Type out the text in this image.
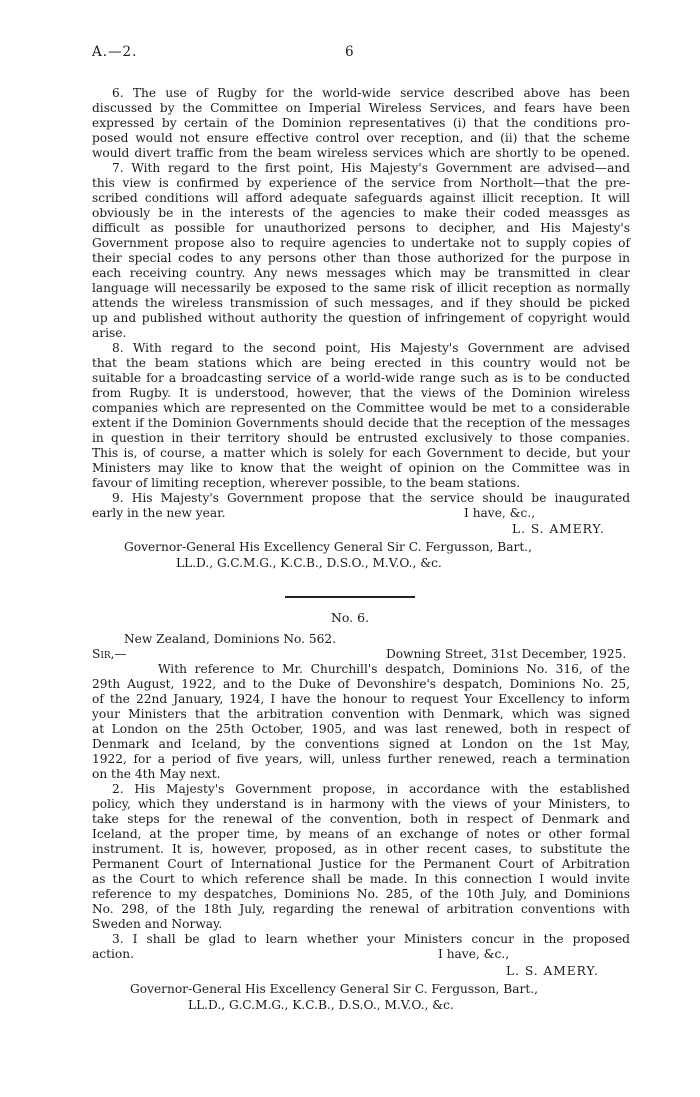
A.—2.	6
6. The use of Rugby for the world-wide service described above has been
discussed by the Committee on Imperial Wireless Services, and fears have been
expressed by certain of the Dominion representatives (i) that the conditions pro-
posed would not ensure effective control over reception, and (ii) that the scheme
would divert traffic from the beam wireless services which are shortly to be opened.
7. With regard to the first point, His Majesty's Government are advised—and
this view is confirmed by experience of the service from Northolt—that the pre-
scribed conditions will afford adequate safeguards against illicit reception. It will
obviously be in the interests of the agencies to make their coded meassges as
difficult as possible for unauthorized persons to decipher, and His Majesty's
Government propose also to require agencies to undertake not to supply copies of
their special codes to any persons other than those authorized for the purpose in
each receiving country. Any news messages which may be transmitted in clear
language will necessarily be exposed to the same risk of illicit reception as normally
attends the wireless transmission of such messages, and if they should be picked
up and published without authority the question of infringement of copyright would
arise.
8. With regard to the second point, His Majesty's Government are advised
that the beam stations which are being erected in this country would not be
suitable for a broadcasting service of a world-wide range such as is to be conducted
from Rugby. It is understood, however, that the views of the Dominion wireless
companies which are represented on the Committee would be met to a considerable
extent if the Dominion Governments should decide that the reception of the messages
in question in their territory should be entrusted exclusively to those companies.
This is, of course, a matter which is solely for each Government to decide, but your
Ministers may like to know that the weight of opinion on the Committee was in
favour of limiting reception, wherever possible, to the beam stations.
9. His Majesty's Government propose that the service should be inaugurated
early in the new year.	I have, &c.,
L. S. AMERY.
Governor-General His Excellency General Sir C. Fergusson, Bart.,
LL.D., G.C.M.G., K.C.B., D.S.O., M.V.O., &c.
No. 6.
New Zealand, Dominions No. 562.
Sir,—	Downing Street, 31st December, 1925.
With reference to Mr. Churchill's despatch, Dominions No. 316, of the
29th August, 1922, and to the Duke of Devonshire's despatch, Dominions No. 25,
of the 22nd January, 1924, I have the honour to request Your Excellency to inform
your Ministers that the arbitration convention with Denmark, which was signed
at London on the 25th October, 1905, and was last renewed, both in respect of
Denmark and Iceland, by the conventions signed at London on the 1st May,
1922, for a period of five years, will, unless further renewed, reach a termination
on the 4th May next.
2. His Majesty's Government propose, in accordance with the established
policy, which they understand is in harmony with the views of your Ministers, to
take steps for the renewal of the convention, both in respect of Denmark and
Iceland, at the proper time, by means of an exchange of notes or other formal
instrument. It is, however, proposed, as in other recent cases, to substitute the
Permanent Court of International Justice for the Permanent Court of Arbitration
as the Court to which reference shall be made. In this connection I would invite
reference to my despatches, Dominions No. 285, of the 10th July, and Dominions
No. 298, of the 18th July, regarding the renewal of arbitration conventions with
Sweden and Norway.
3. I shall be glad to learn whether your Ministers concur in the proposed
action.	I have, &c.,
L. S. AMERY.
Governor-General His Excellency General Sir C. Fergusson, Bart.,
LL.D., G.C.M.G., K.C.B., D.S.O., M.V.O., &c.
